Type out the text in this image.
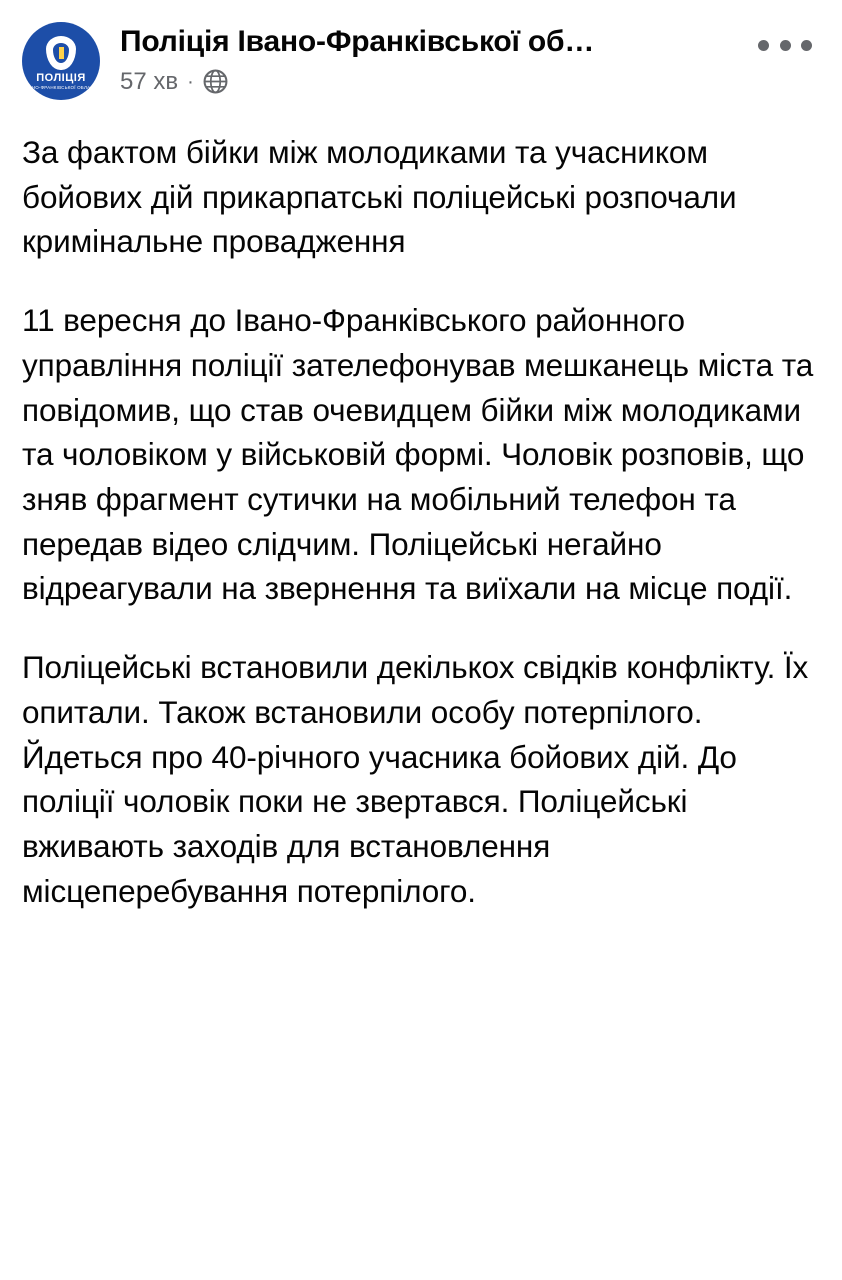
ПОЛІЦІЯ
ІВАНО-ФРАНКІВСЬКОЇ ОБЛАСТІ
Поліція Івано-Франківської об…
57 хв ·

За фактом бійки між молодиками та учасником бойових дій прикарпатські поліцейські розпочали кримінальне провадження

11 вересня до Івано-Франківського районного управління поліції зателефонував мешканець міста та повідомив, що став очевидцем бійки між молодиками та чоловіком у військовій формі. Чоловік розповів, що зняв фрагмент сутички на мобільний телефон та передав відео слідчим. Поліцейські негайно відреагували на звернення та виїхали на місце події.

Поліцейські встановили декількох свідків конфлікту. Їх опитали. Також встановили особу потерпілого. Йдеться про 40-річного учасника бойових дій. До поліції чоловік поки не звертався. Поліцейські вживають заходів для встановлення місцеперебування потерпілого.
